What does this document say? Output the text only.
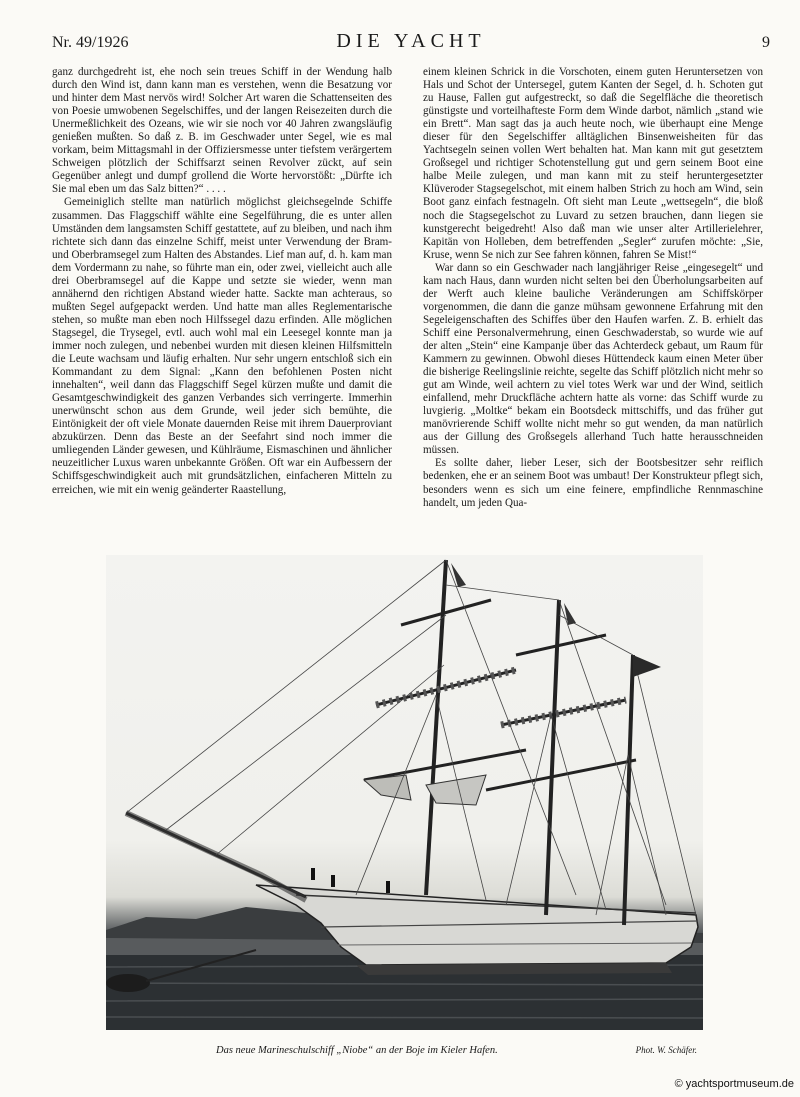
Nr. 49/1926	DIE YACHT	9

ganz durchgedreht ist, ehe noch sein treues Schiff in der Wendung halb durch den Wind ist, dann kann man es verstehen, wenn die Besatzung vor und hinter dem Mast nervös wird! Solcher Art waren die Schattenseiten des von Poesie umwobenen Segelschiffes, und der langen Reisezeiten durch die Unermeßlichkeit des Ozeans, wie wir sie noch vor 40 Jahren zwangsläufig genießen mußten. So daß z. B. im Geschwader unter Segel, wie es mal vorkam, beim Mittagsmahl in der Offiziersmesse unter tiefstem verärgertem Schweigen plötzlich der Schiffsarzt seinen Revolver zückt, auf sein Gegenüber anlegt und dumpf grollend die Worte hervorstößt: „Dürfte ich Sie mal eben um das Salz bitten?“ . . . .

Gemeiniglich stellte man natürlich möglichst gleichsegelnde Schiffe zusammen. Das Flaggschiff wählte eine Segelführung, die es unter allen Umständen dem langsamsten Schiff gestattete, auf zu bleiben, und nach ihm richtete sich dann das einzelne Schiff, meist unter Verwendung der Bram- und Oberbramsegel zum Halten des Abstandes. Lief man auf, d. h. kam man dem Vordermann zu nahe, so führte man ein, oder zwei, vielleicht auch alle drei Oberbramsegel auf die Kappe und setzte sie wieder, wenn man annähernd den richtigen Abstand wieder hatte. Sackte man achteraus, so mußten Segel aufgepackt werden. Und hatte man alles Reglementarische stehen, so mußte man eben noch Hilfssegel dazu erfinden. Alle möglichen Stagsegel, die Trysegel, evtl. auch wohl mal ein Leesegel konnte man ja immer noch zulegen, und nebenbei wurden mit diesen kleinen Hilfsmitteln die Leute wachsam und läufig erhalten. Nur sehr ungern entschloß sich ein Kommandant zu dem Signal: „Kann den befohlenen Posten nicht innehalten“, weil dann das Flaggschiff Segel kürzen mußte und damit die Gesamtgeschwindigkeit des ganzen Verbandes sich verringerte. Immerhin unerwünscht schon aus dem Grunde, weil jeder sich bemühte, die Eintönigkeit der oft viele Monate dauernden Reise mit ihrem Dauerproviant abzukürzen. Denn das Beste an der Seefahrt sind noch immer die umliegenden Länder gewesen, und Kühlräume, Eismaschinen und ähnlicher neuzeitlicher Luxus waren unbekannte Größen. Oft war ein Aufbessern der Schiffsgeschwindigkeit auch mit grundsätzlichen, einfacheren Mitteln zu erreichen, wie mit ein wenig geänderter Raastellung,

einem kleinen Schrick in die Vorschoten, einem guten Heruntersetzen von Hals und Schot der Untersegel, gutem Kanten der Segel, d. h. Schoten gut zu Hause, Fallen gut aufgestreckt, so daß die Segelfläche die theoretisch günstigste und vorteilhafteste Form dem Winde darbot, nämlich „stand wie ein Brett“. Man sagt das ja auch heute noch, wie überhaupt eine Menge dieser für den Segelschiffer alltäglichen Binsenweisheiten für das Yachtsegeln seinen vollen Wert behalten hat. Man kann mit gut gesetztem Großsegel und richtiger Schotenstellung gut und gern seinem Boot eine halbe Meile zulegen, und man kann mit zu steif heruntergesetzter Klüveroder Stagsegelschot, mit einem halben Strich zu hoch am Wind, sein Boot ganz einfach festnageln. Oft sieht man Leute „wettsegeln“, die bloß noch die Stagsegelschot zu Luvard zu setzen brauchen, dann liegen sie kunstgerecht beigedreht! Also daß man wie unser alter Artillerielehrer, Kapitän von Holleben, dem betreffenden „Segler“ zurufen möchte: „Sie, Kruse, wenn Se nich zur See fahren können, fahren Se Mist!“

War dann so ein Geschwader nach langjähriger Reise „eingesegelt“ und kam nach Haus, dann wurden nicht selten bei den Überholungsarbeiten auf der Werft auch kleine bauliche Veränderungen am Schiffskörper vorgenommen, die dann die ganze mühsam gewonnene Erfahrung mit den Segeleigenschaften des Schiffes über den Haufen warfen. Z. B. erhielt das Schiff eine Personalvermehrung, einen Geschwaderstab, so wurde wie auf der alten „Stein“ eine Kampanje über das Achterdeck gebaut, um Raum für Kammern zu gewinnen. Obwohl dieses Hüttendeck kaum einen Meter über die bisherige Reelingslinie reichte, segelte das Schiff plötzlich nicht mehr so gut am Winde, weil achtern zu viel totes Werk war und der Wind, seitlich einfallend, mehr Druckfläche achtern hatte als vorne: das Schiff wurde zu luvgierig. „Moltke“ bekam ein Bootsdeck mittschiffs, und das früher gut manövrierende Schiff wollte nicht mehr so gut wenden, da man natürlich aus der Gillung des Großsegels allerhand Tuch hatte herausschneiden müssen.

Es sollte daher, lieber Leser, sich der Bootsbesitzer sehr reiflich bedenken, ehe er an seinem Boot was umbaut! Der Konstrukteur pflegt sich, besonders wenn es sich um eine feinere, empfindliche Rennmaschine handelt, um jeden Qua-

Das neue Marineschulschiff „Niobe“ an der Boje im Kieler Hafen.	Phot. W. Schäfer.
© yachtsportmuseum.de
